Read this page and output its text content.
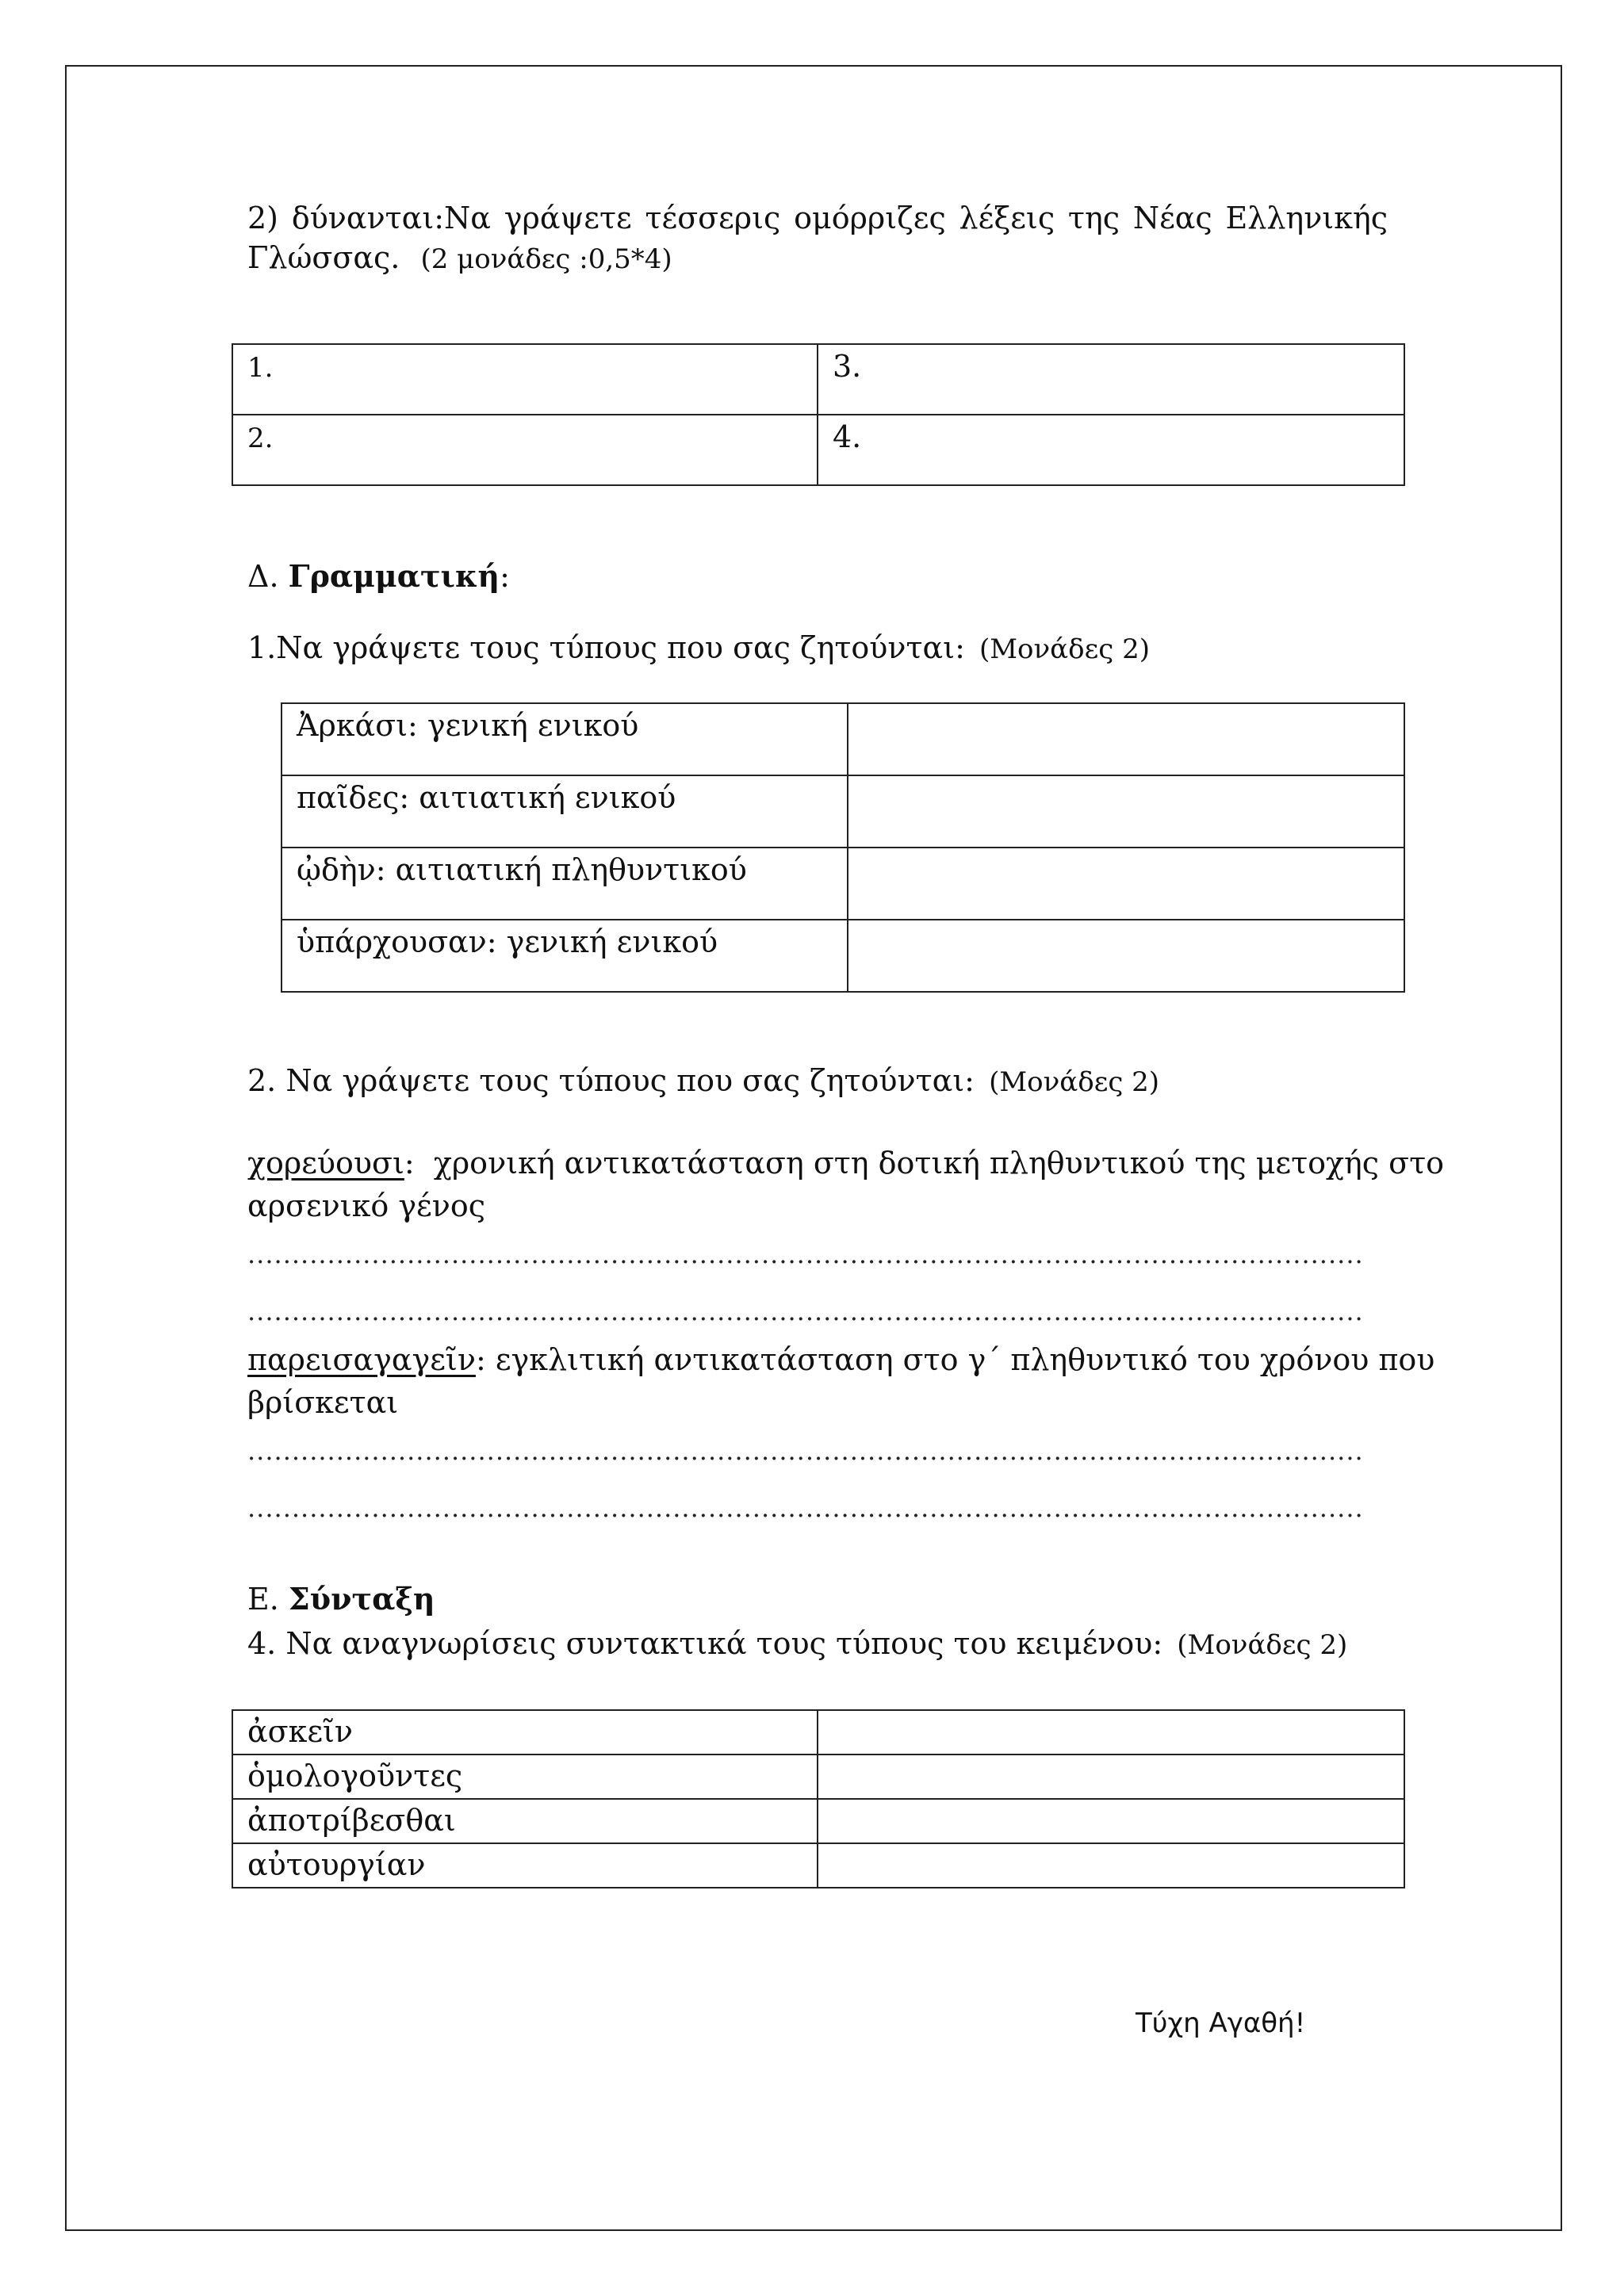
2) δύνανται:Να γράψετε τέσσερις ομόρριζες λέξεις της Νέας Ελληνικής
Γλώσσας. (2 μονάδες :0,5*4)
1.	3.
2.	4.
Δ. Γραμματική:
1.Να γράψετε τους τύπους που σας ζητούνται: (Μονάδες 2)
Ἀρκάσι: γενική ενικού	
παῖδες: αιτιατική ενικού	
ᾠδὴν: αιτιατική πληθυντικού	
ὑπάρχουσαν: γενική ενικού	
2. Να γράψετε τους τύπους που σας ζητούνται: (Μονάδες 2)
χορεύουσι:  χρονική αντικατάσταση στη δοτική πληθυντικού της μετοχής στο
αρσενικό γένος
.....
.....
παρεισαγαγεῖν: εγκλιτική αντικατάσταση στο γ΄ πληθυντικό του χρόνου που
βρίσκεται
.....
.....
Ε. Σύνταξη
4. Να αναγνωρίσεις συντακτικά τους τύπους του κειμένου: (Μονάδες 2)
ἀσκεῖν	
ὁμολογοῦντες	
ἀποτρίβεσθαι	
αὐτουργίαν	
Τύχη Αγαθή!
